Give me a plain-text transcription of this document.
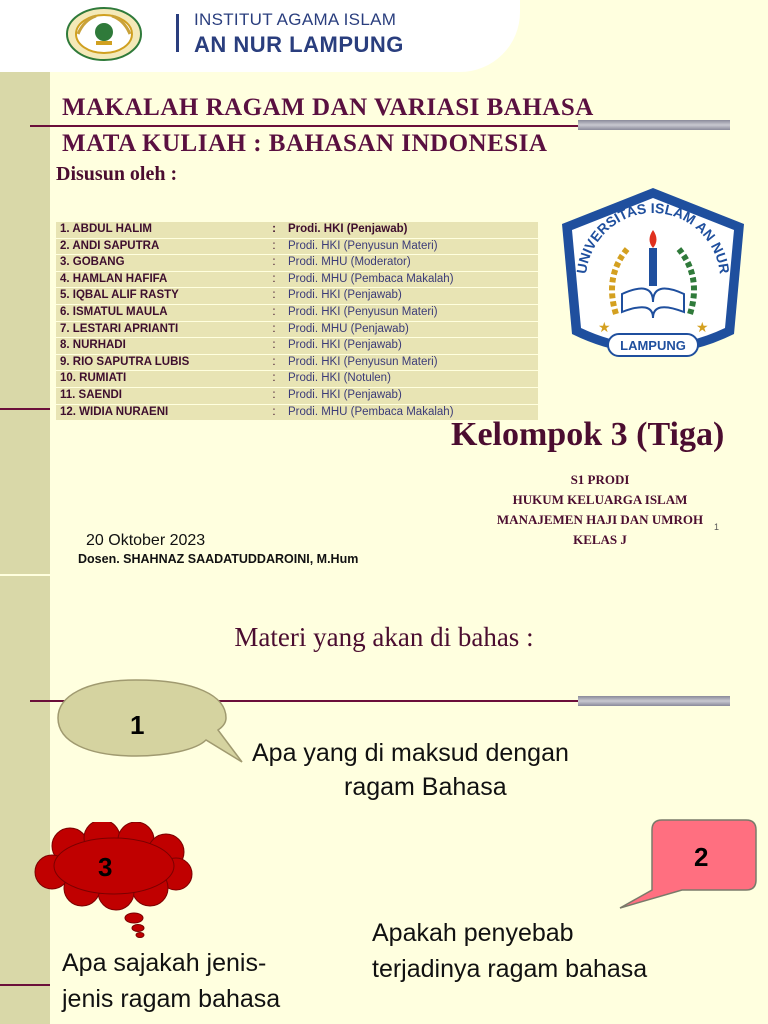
INSTITUT AGAMA ISLAM
AN NUR LAMPUNG
MAKALAH RAGAM DAN VARIASI BAHASA
MATA KULIAH : BAHASAN INDONESIA
Disusun oleh :
1. ABDUL HALIM	:	Prodi. HKI (Penjawab)
2. ANDI SAPUTRA	:	Prodi. HKI (Penyusun Materi)
3. GOBANG	:	Prodi. MHU (Moderator)
4. HAMLAN HAFIFA	:	Prodi. MHU (Pembaca Makalah)
5. IQBAL ALIF RASTY	:	Prodi. HKI (Penjawab)
6. ISMATUL MAULA	:	Prodi. HKI (Penyusun Materi)
7. LESTARI APRIANTI	:	Prodi. MHU (Penjawab)
8. NURHADI	:	Prodi. HKI (Penjawab)
9. RIO SAPUTRA LUBIS	:	Prodi. HKI (Penyusun Materi)
10. RUMIATI	:	Prodi. HKI (Notulen)
11. SAENDI	:	Prodi. HKI (Penjawab)
12. WIDIA NURAENI	:	Prodi. MHU (Pembaca Makalah)
UNIVERSITAS ISLAM AN NUR
★	★
LAMPUNG
Kelompok 3 (Tiga)
S1 PRODI
HUKUM KELUARGA ISLAM
MANAJEMEN HAJI DAN UMROH
KELAS J
1
20 Oktober 2023
Dosen. SHAHNAZ SAADATUDDAROINI, M.Hum
Materi yang akan di bahas :
1
Apa yang di maksud dengan
ragam Bahasa
2
Apakah penyebab
terjadinya ragam bahasa
3
Apa sajakah jenis-
jenis ragam bahasa
